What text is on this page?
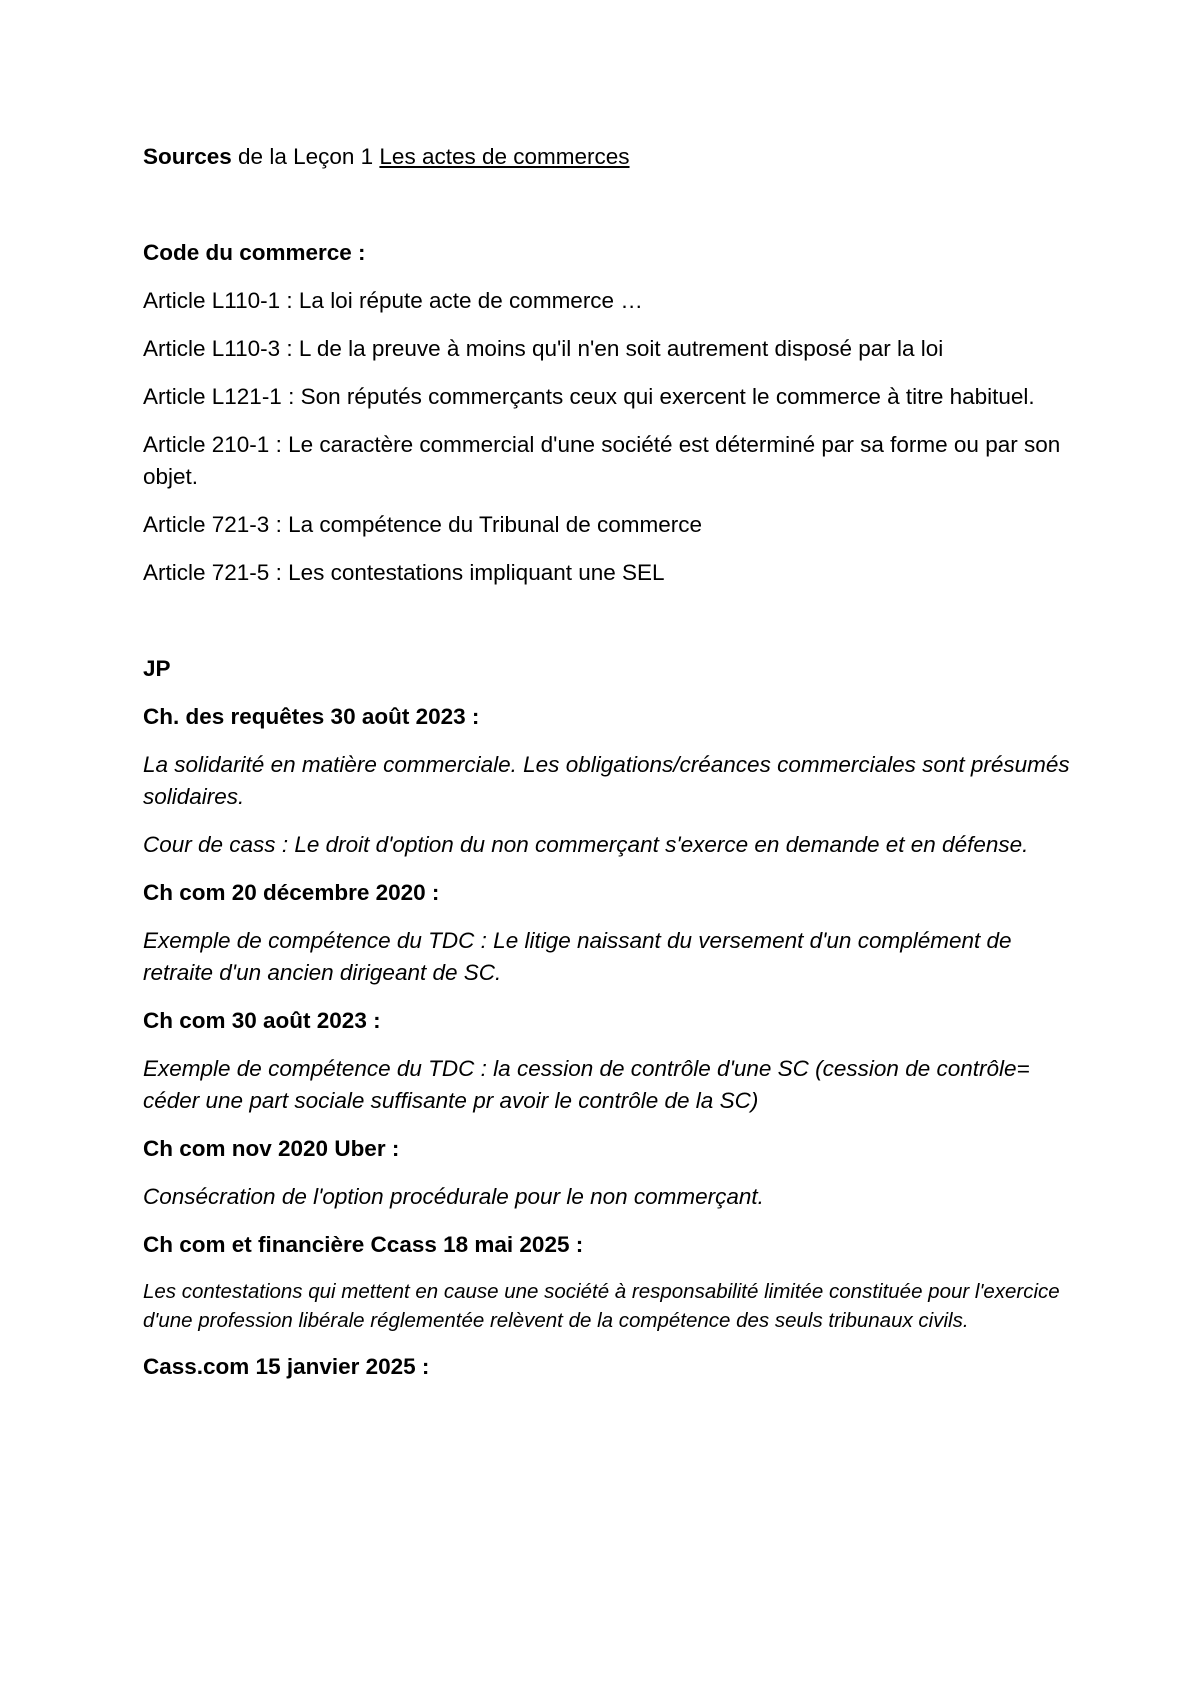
Sources de la Leçon 1 Les actes de commerces

Code du commerce :

Article L110-1 : La loi répute acte de commerce …

Article L110-3 : L de la preuve à moins qu'il n'en soit autrement disposé par la loi

Article L121-1 : Son réputés commerçants ceux qui exercent le commerce à titre habituel.

Article 210-1 : Le caractère commercial d'une société est déterminé par sa forme ou par son objet.

Article 721-3 : La compétence du Tribunal de commerce

Article 721-5 : Les contestations impliquant une SEL

JP

Ch. des requêtes 30 août 2023 :

La solidarité en matière commerciale. Les obligations/créances commerciales sont présumés solidaires.

Cour de cass : Le droit d'option du non commerçant s'exerce en demande et en défense.

Ch com 20 décembre 2020 :

Exemple de compétence du TDC : Le litige naissant du versement d'un complément de retraite d'un ancien dirigeant de SC.

Ch com 30 août 2023 :

Exemple de compétence du TDC : la cession de contrôle d'une SC (cession de contrôle= céder une part sociale suffisante pr avoir le contrôle de la SC)

Ch com nov 2020 Uber :

Consécration de l'option procédurale pour le non commerçant.

Ch com et financière Ccass 18 mai 2025 :

Les contestations qui mettent en cause une société à responsabilité limitée constituée pour l'exercice d'une profession libérale réglementée relèvent de la compétence des seuls tribunaux civils.

Cass.com 15 janvier 2025 :
